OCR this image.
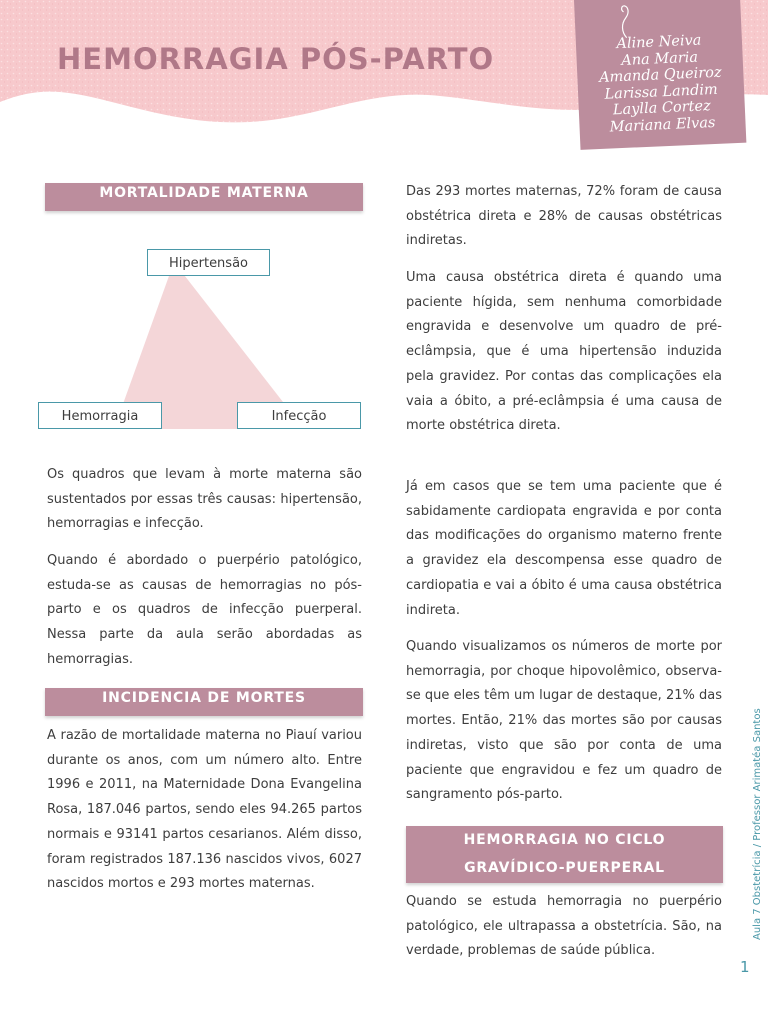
HEMORRAGIA PÓS-PARTO	Aline Neiva
Ana Maria
Amanda Queiroz
Larissa Landim
Laylla Cortez
Mariana Elvas
MORTALIDADE MATERNA
Hipertensão
Hemorragia	Infecção

Os quadros que levam à morte materna são sustentados por essas três causas: hipertensão, hemorragias e infecção.

Quando é abordado o puerpério patológico, estuda-se as causas de hemorragias no pós-parto e os quadros de infecção puerperal. Nessa parte da aula serão abordadas as hemorragias.

INCIDENCIA DE MORTES

A razão de mortalidade materna no Piauí variou durante os anos, com um número alto. Entre 1996 e 2011, na Maternidade Dona Evangelina Rosa, 187.046 partos, sendo eles 94.265 partos normais e 93141 partos cesarianos. Além disso, foram registrados 187.136 nascidos vivos, 6027 nascidos mortos e 293 mortes maternas.

Das 293 mortes maternas, 72% foram de causa obstétrica direta e 28% de causas obstétricas indiretas.

Uma causa obstétrica direta é quando uma paciente hígida, sem nenhuma comorbidade engravida e desenvolve um quadro de pré-eclâmpsia, que é uma hipertensão induzida pela gravidez. Por contas das complicações ela vaia a óbito, a pré-eclâmpsia é uma causa de morte obstétrica direta.

Já em casos que se tem uma paciente que é sabidamente cardiopata engravida e por conta das modificações do organismo materno frente a gravidez ela descompensa esse quadro de cardiopatia e vai a óbito é uma causa obstétrica indireta.

Quando visualizamos os números de morte por hemorragia, por choque hipovolêmico, observa-se que eles têm um lugar de destaque, 21% das mortes. Então, 21% das mortes são por causas indiretas, visto que são por conta de uma paciente que engravidou e fez um quadro de sangramento pós-parto.

HEMORRAGIA NO CICLO
GRAVÍDICO-PUERPERAL

Quando se estuda hemorragia no puerpério patológico, ele ultrapassa a obstetrícia. São, na verdade, problemas de saúde pública.

Aula 7 Obstetrícia / Professor Arimatéa Santos
1
